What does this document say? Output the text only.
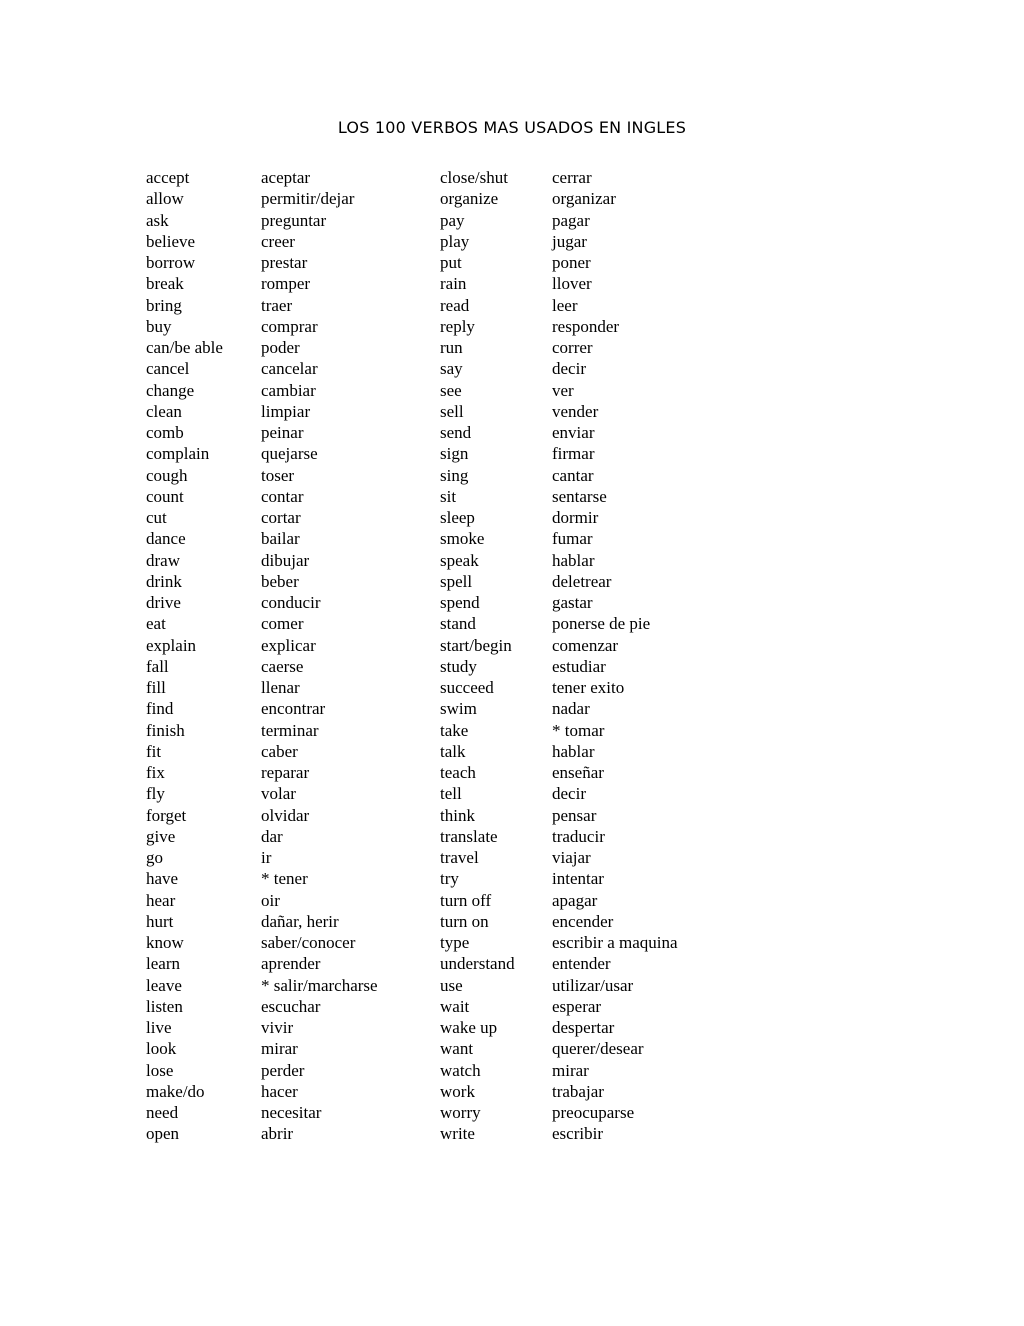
LOS 100 VERBOS MAS USADOS EN INGLES
accept	aceptar	close/shut	cerrar
allow	permitir/dejar	organize	organizar
ask	preguntar	pay	pagar
believe	creer	play	jugar
borrow	prestar	put	poner
break	romper	rain	llover
bring	traer	read	leer
buy	comprar	reply	responder
can/be able	poder	run	correr
cancel	cancelar	say	decir
change	cambiar	see	ver
clean	limpiar	sell	vender
comb	peinar	send	enviar
complain	quejarse	sign	firmar
cough	toser	sing	cantar
count	contar	sit	sentarse
cut	cortar	sleep	dormir
dance	bailar	smoke	fumar
draw	dibujar	speak	hablar
drink	beber	spell	deletrear
drive	conducir	spend	gastar
eat	comer	stand	ponerse de pie
explain	explicar	start/begin	comenzar
fall	caerse	study	estudiar
fill	llenar	succeed	tener exito
find	encontrar	swim	nadar
finish	terminar	take	* tomar
fit	caber	talk	hablar
fix	reparar	teach	enseñar
fly	volar	tell	decir
forget	olvidar	think	pensar
give	dar	translate	traducir
go	ir	travel	viajar
have	* tener	try	intentar
hear	oir	turn off	apagar
hurt	dañar, herir	turn on	encender
know	saber/conocer	type	escribir a maquina
learn	aprender	understand	entender
leave	* salir/marcharse	use	utilizar/usar
listen	escuchar	wait	esperar
live	vivir	wake up	despertar
look	mirar	want	querer/desear
lose	perder	watch	mirar
make/do	hacer	work	trabajar
need	necesitar	worry	preocuparse
open	abrir	write	escribir
